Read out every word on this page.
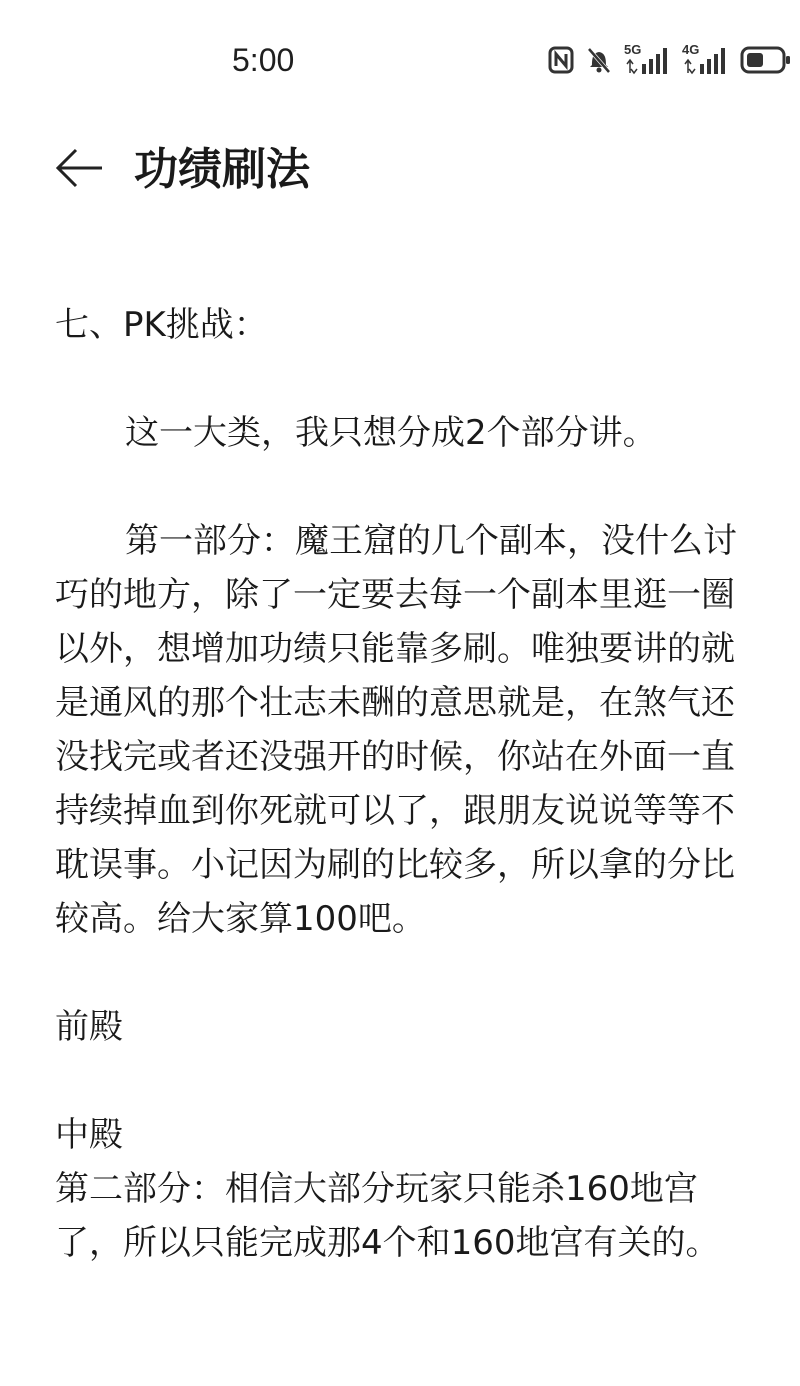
5:00	5G	4G
功绩刷法

七、PK挑战：

这一大类，我只想分成2个部分讲。

第一部分：魔王窟的几个副本，没什么讨巧的地方，除了一定要去每一个副本里逛一圈以外，想增加功绩只能靠多刷。唯独要讲的就是通风的那个壮志未酬的意思就是，在煞气还没找完或者还没强开的时候，你站在外面一直持续掉血到你死就可以了，跟朋友说说等等不耽误事。小记因为刷的比较多，所以拿的分比较高。给大家算100吧。

前殿

中殿

第二部分：相信大部分玩家只能杀160地宫了，所以只能完成那4个和160地宫有关的。
